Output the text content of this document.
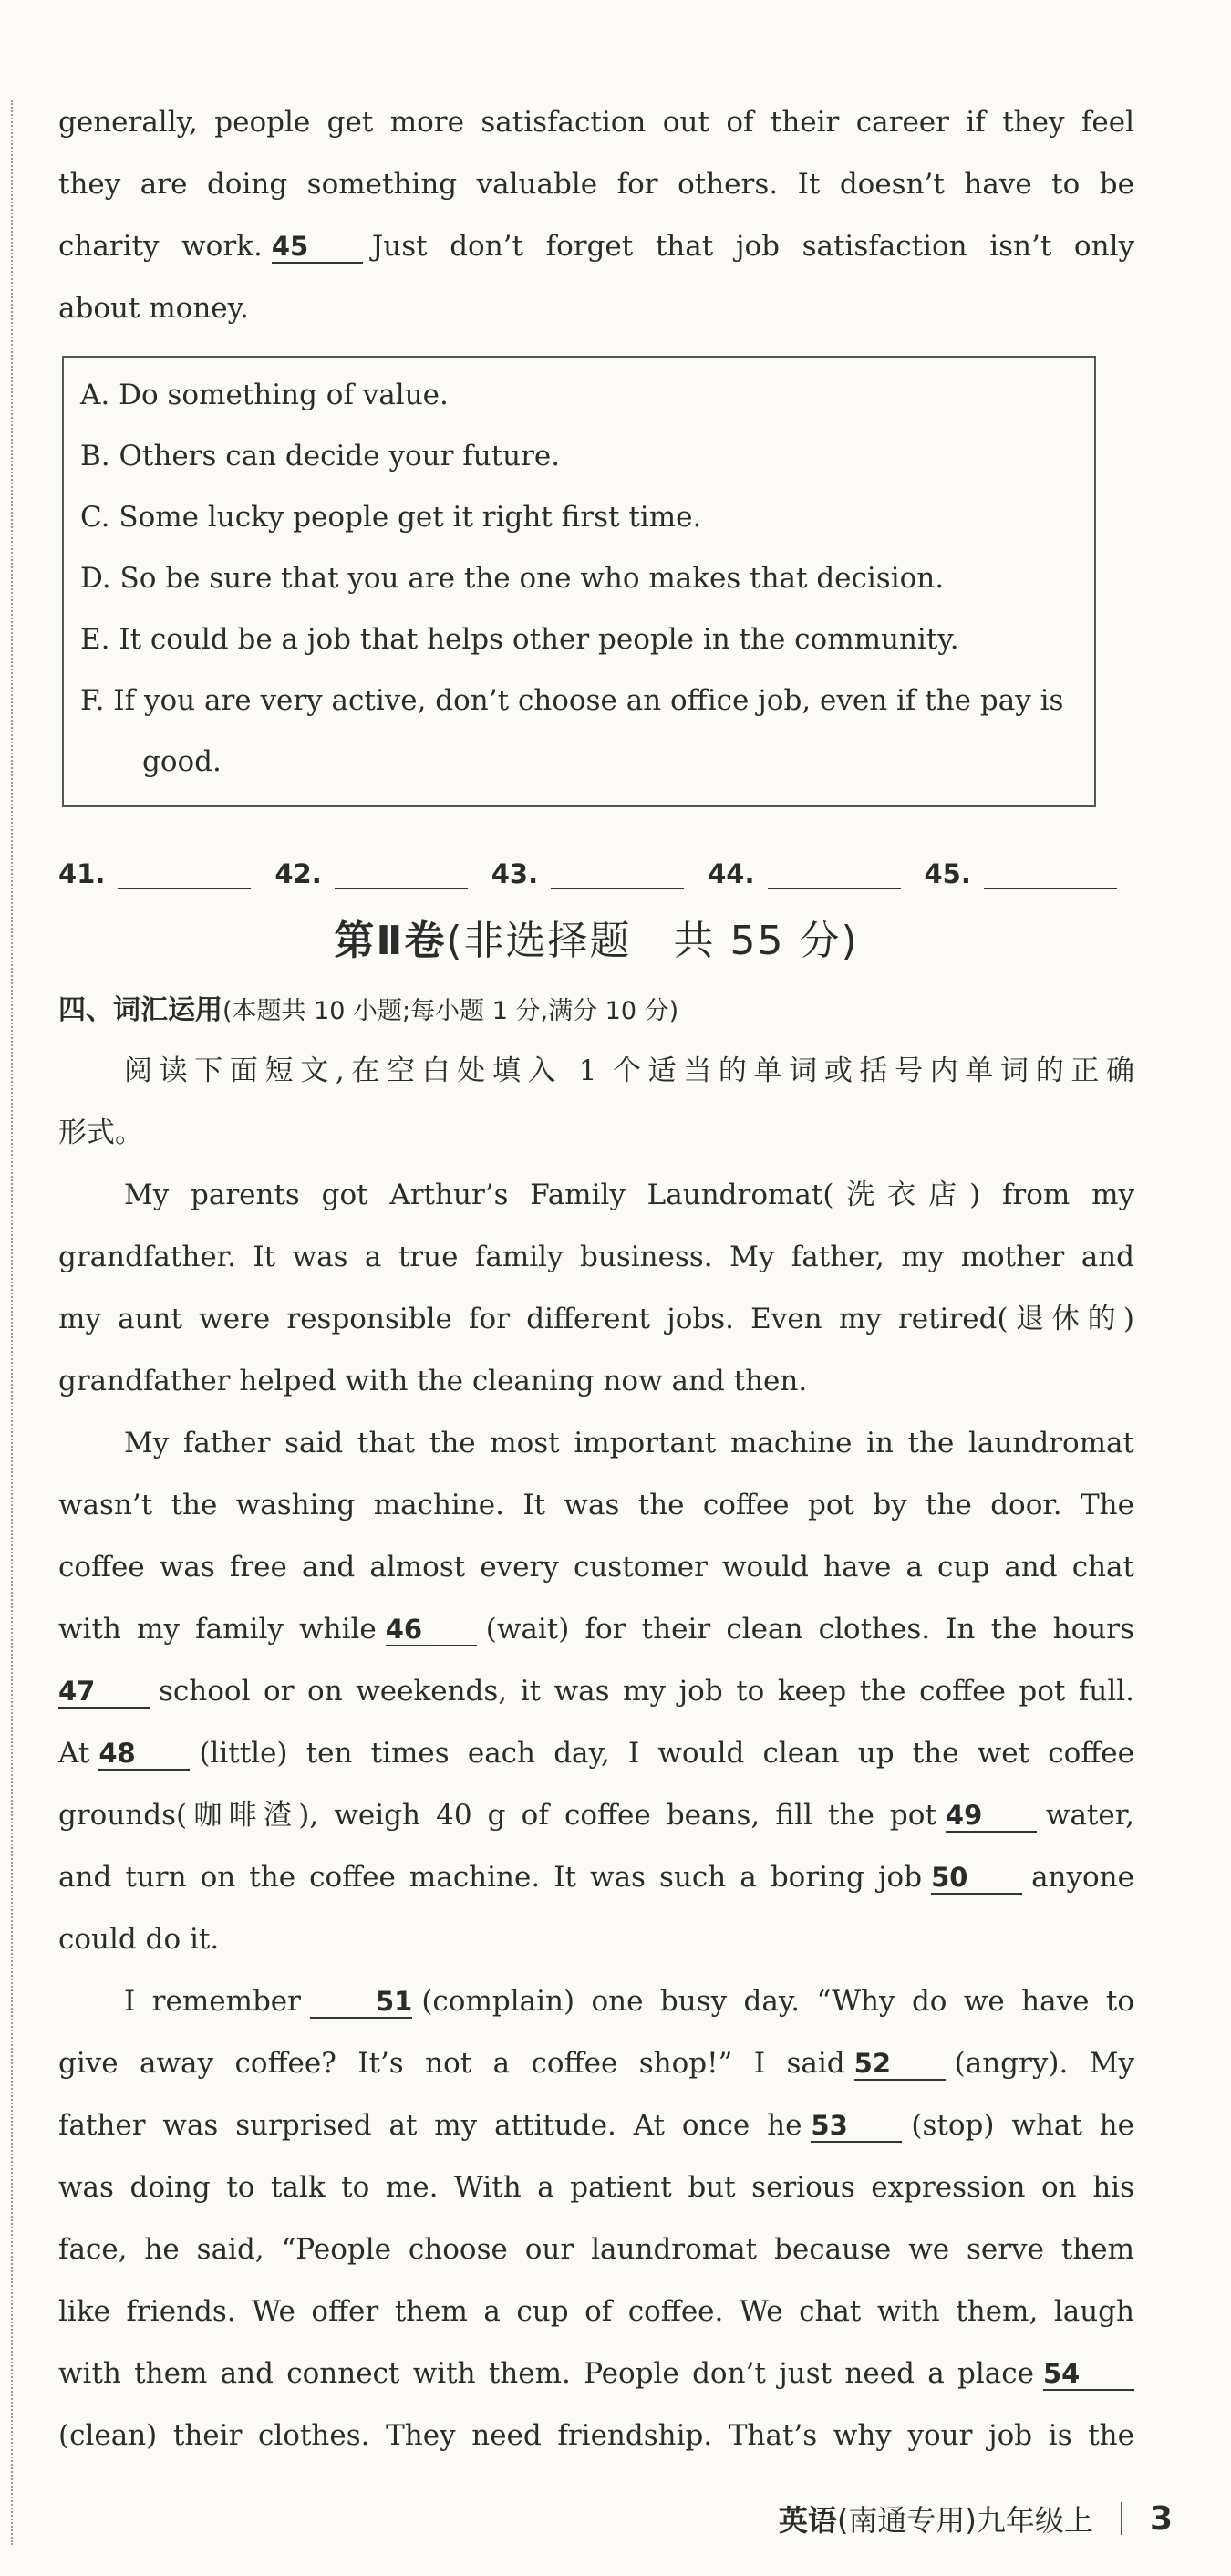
generally, people get more satisfaction out of their career if they feel

they are doing something valuable for others. It doesn’t have to be

charity work. 45 Just don’t forget that job satisfaction isn’t only

about money.

A. Do something of value.

B. Others can decide your future.

C. Some lucky people get it right first time.

D. So be sure that you are the one who makes that decision.

E. It could be a job that helps other people in the community.

F. If you are very active, don’t choose an office job, even if the pay is
good.

41.	42.	43.	44.	45.
第Ⅱ卷(非选择题　共 55 分)

四、词汇运用(本题共 10 小题;每小题 1 分,满分 10 分)

阅读下面短文,在空白处填入 1 个适当的单词或括号内单词的正确

形式。

My parents got Arthur’s Family Laundromat(洗衣店) from my

grandfather. It was a true family business. My father, my mother and

my aunt were responsible for different jobs. Even my retired(退休的)

grandfather helped with the cleaning now and then.

My father said that the most important machine in the laundromat

wasn’t the washing machine. It was the coffee pot by the door. The

coffee was free and almost every customer would have a cup and chat

with my family while 46 (wait) for their clean clothes. In the hours

47 school or on weekends, it was my job to keep the coffee pot full.

At 48 (little) ten times each day, I would clean up the wet coffee

grounds(咖啡渣), weigh 40 g of coffee beans, fill the pot 49 water,

and turn on the coffee machine. It was such a boring job 50 anyone

could do it.

I remember	51 (complain) one busy day. “Why do we have to

give away coffee? It’s not a coffee shop!” I said 52 (angry). My

father was surprised at my attitude. At once he 53 (stop) what he

was doing to talk to me. With a patient but serious expression on his

face, he said, “People choose our laundromat because we serve them

like friends. We offer them a cup of coffee. We chat with them, laugh

with them and connect with them. People don’t just need a place 54

(clean) their clothes. They need friendship. That’s why your job is the

英语 (南通专用) 九年级上 3
